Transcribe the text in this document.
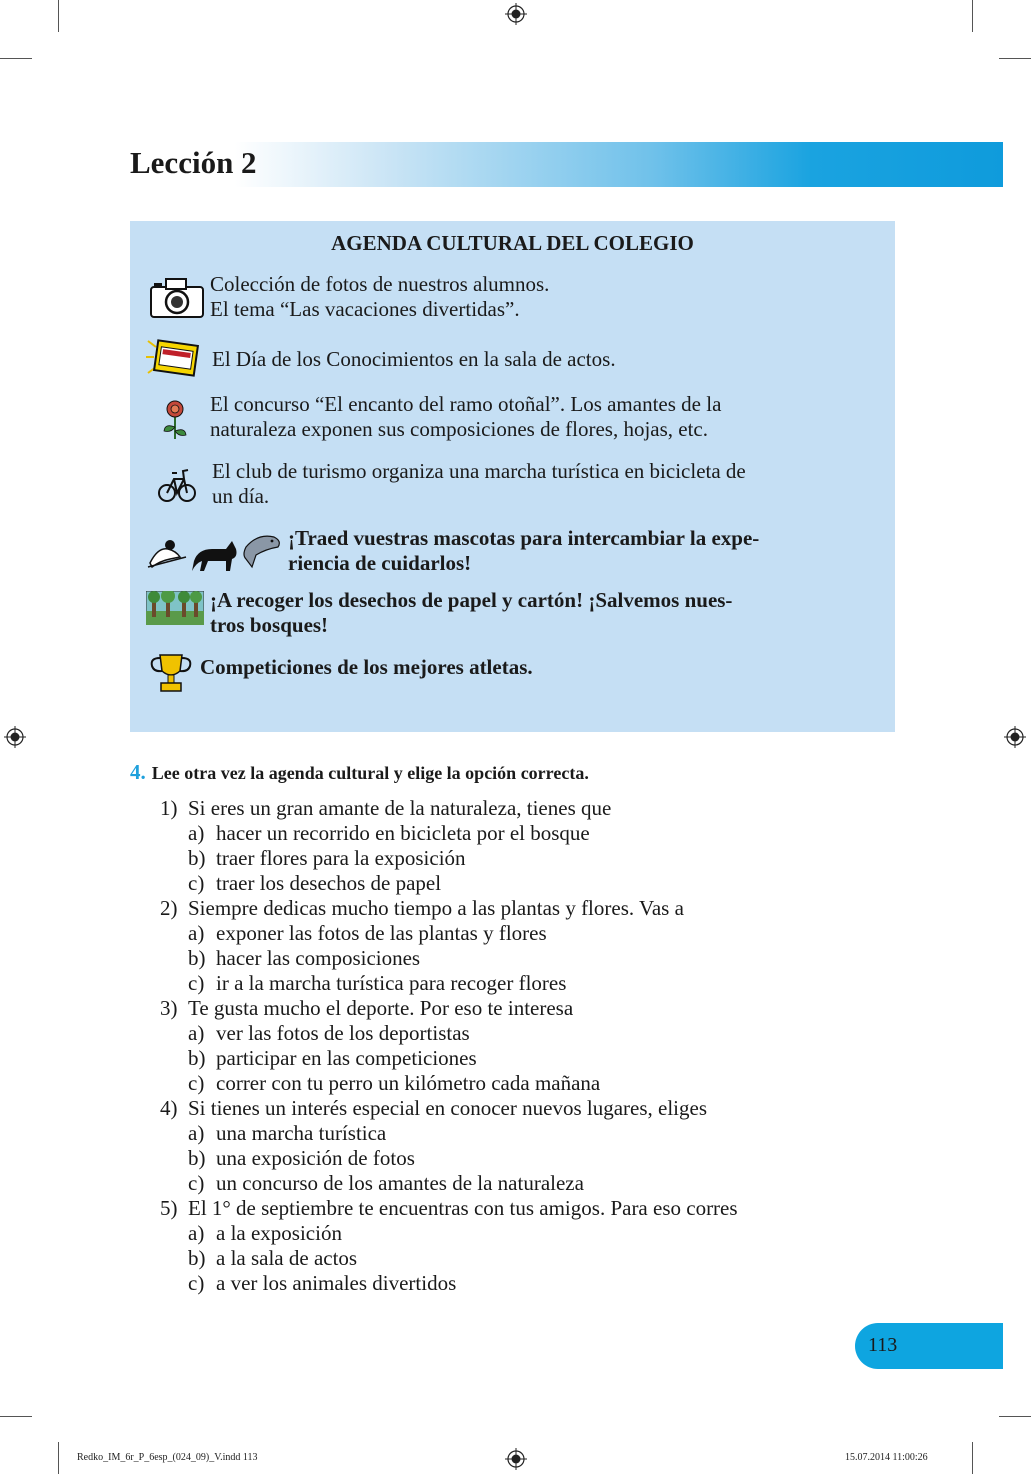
Lección 2
AGENDA CULTURAL DEL COLEGIO
Colección de fotos de nuestros alumnos.
El tema “Las vacaciones divertidas”.
El Día de los Conocimientos en la sala de actos.
El concurso “El encanto del ramo otoñal”. Los amantes de la
naturaleza exponen sus composiciones de flores, hojas, etc.
El club de turismo organiza una marcha turística en bicicleta de
un día.
¡Traed vuestras mascotas para intercambiar la expe-
riencia de cuidarlos!
¡A recoger los desechos de papel y cartón! ¡Salvemos nues-
tros bosques!
Competiciones de los mejores atletas.
4. Lee otra vez la agenda cultural y elige la opción correcta.
1) Si eres un gran amante de la naturaleza, tienes que
a) hacer un recorrido en bicicleta por el bosque
b) traer flores para la exposición
c) traer los desechos de papel
2) Siempre dedicas mucho tiempo a las plantas y flores. Vas a
a) exponer las fotos de las plantas y flores
b) hacer las composiciones
c) ir a la marcha turística para recoger flores
3) Te gusta mucho el deporte. Por eso te interesa
a) ver las fotos de los deportistas
b) participar en las competiciones
c) correr con tu perro un kilómetro cada mañana
4) Si tienes un interés especial en conocer nuevos lugares, eliges
a) una marcha turística
b) una exposición de fotos
c) un concurso de los amantes de la naturaleza
5) El 1° de septiembre te encuentras con tus amigos. Para eso corres
a) a la exposición
b) a la sala de actos
c) a ver los animales divertidos
113
Redko_IM_6r_P_6esp_(024_09)_V.indd 113	15.07.2014 11:00:26
